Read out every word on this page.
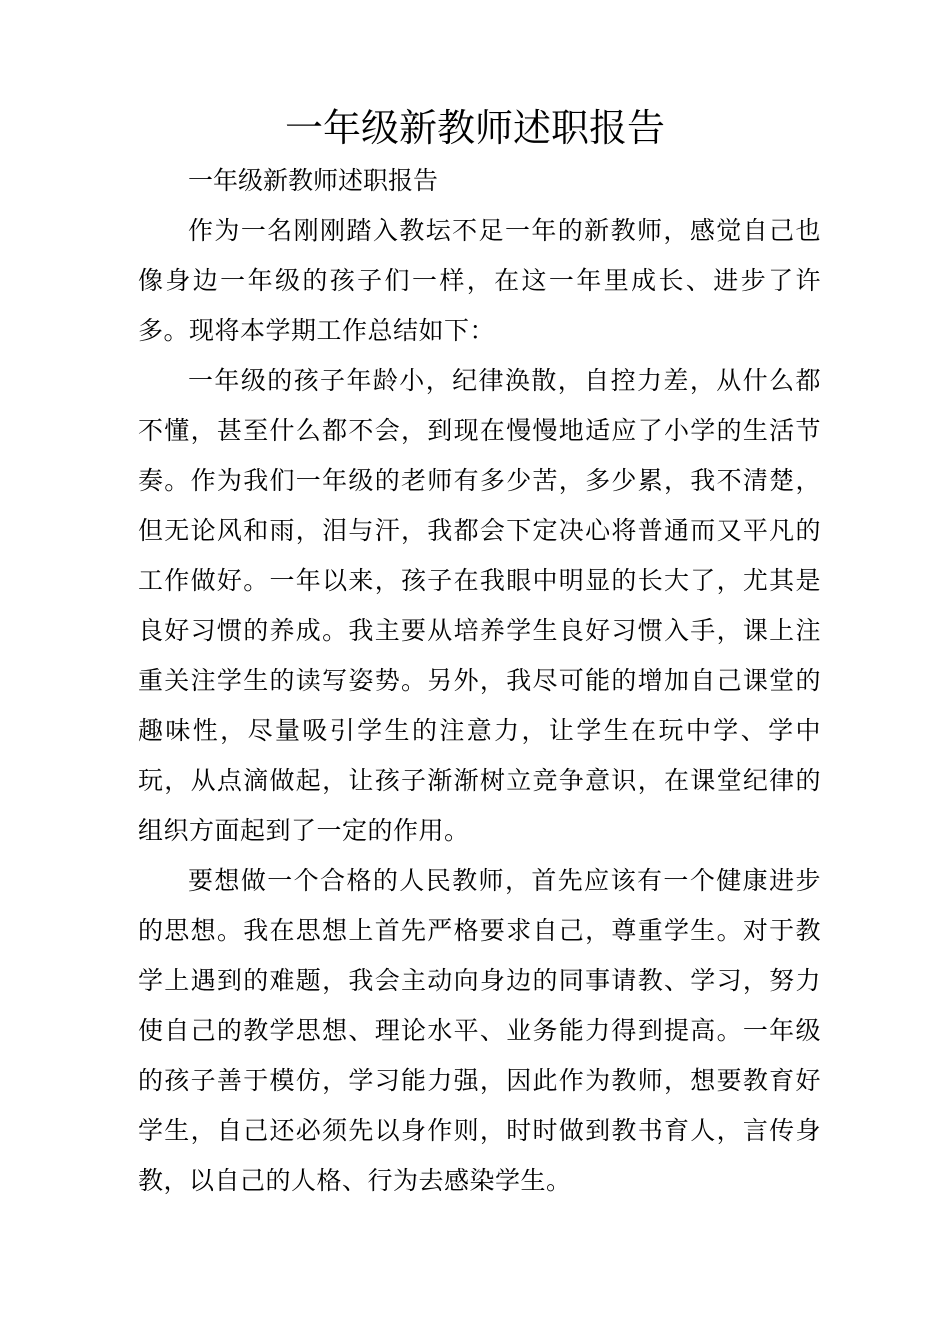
一年级新教师述职报告

一年级新教师述职报告

作为一名刚刚踏入教坛不足一年的新教师，感觉自己也像身边一年级的孩子们一样，在这一年里成长、进步了许多。现将本学期工作总结如下：

一年级的孩子年龄小，纪律涣散，自控力差，从什么都不懂，甚至什么都不会，到现在慢慢地适应了小学的生活节奏。作为我们一年级的老师有多少苦，多少累，我不清楚，但无论风和雨，泪与汗，我都会下定决心将普通而又平凡的工作做好。一年以来，孩子在我眼中明显的长大了，尤其是良好习惯的养成。我主要从培养学生良好习惯入手，课上注重关注学生的读写姿势。另外，我尽可能的增加自己课堂的趣味性，尽量吸引学生的注意力，让学生在玩中学、学中玩，从点滴做起，让孩子渐渐树立竞争意识，在课堂纪律的组织方面起到了一定的作用。

要想做一个合格的人民教师，首先应该有一个健康进步的思想。我在思想上首先严格要求自己，尊重学生。对于教学上遇到的难题，我会主动向身边的同事请教、学习，努力使自己的教学思想、理论水平、业务能力得到提高。一年级的孩子善于模仿，学习能力强，因此作为教师，想要教育好学生，自己还必须先以身作则，时时做到教书育人，言传身教，以自己的人格、行为去感染学生。
